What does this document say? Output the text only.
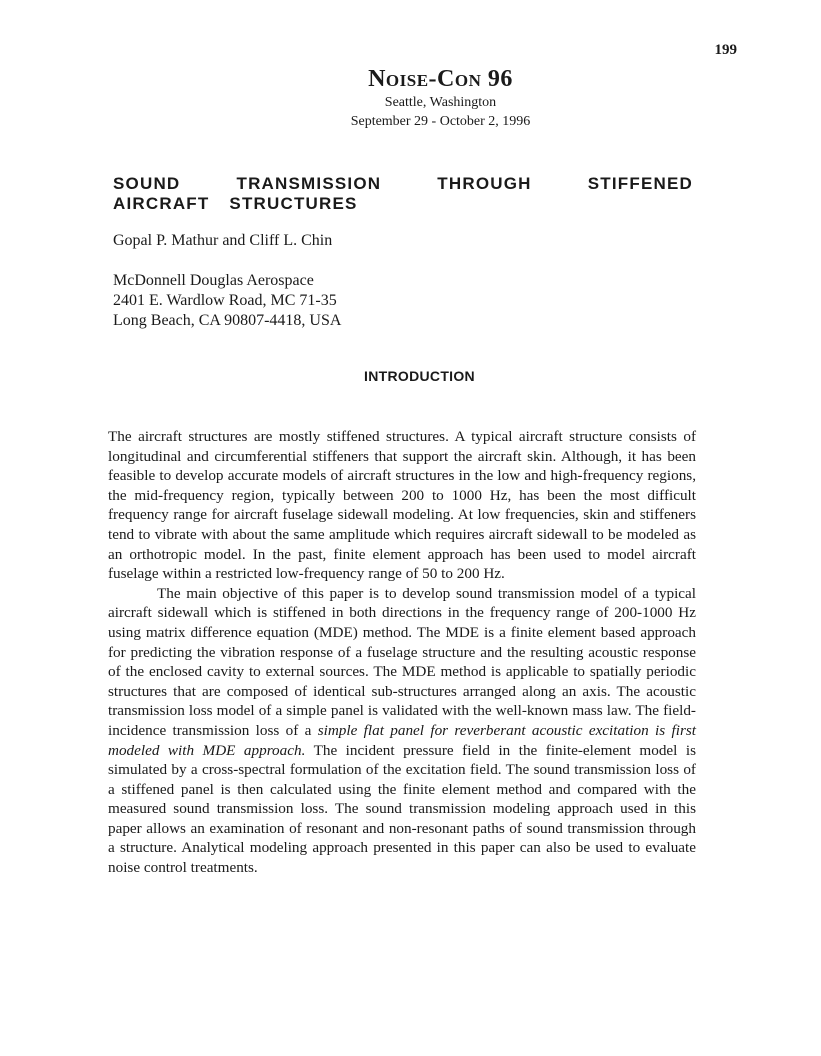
199
Noise-Con 96
Seattle, Washington
September 29 - October 2, 1996
SOUND TRANSMISSION THROUGH STIFFENED AIRCRAFT STRUCTURES
Gopal P. Mathur and Cliff L. Chin
McDonnell Douglas Aerospace
2401 E. Wardlow Road, MC 71-35
Long Beach, CA 90807-4418, USA
INTRODUCTION

The aircraft structures are mostly stiffened structures. A typical aircraft structure consists of longitudinal and circumferential stiffeners that support the aircraft skin. Although, it has been feasible to develop accurate models of aircraft structures in the low and high-frequency regions, the mid-frequency region, typically between 200 to 1000 Hz, has been the most difficult frequency range for aircraft fuselage sidewall modeling. At low frequencies, skin and stiffeners tend to vibrate with about the same amplitude which requires aircraft sidewall to be modeled as an orthotropic model. In the past, finite element approach has been used to model aircraft fuselage within a restricted low-frequency range of 50 to 200 Hz.

The main objective of this paper is to develop sound transmission model of a typical aircraft sidewall which is stiffened in both directions in the frequency range of 200-1000 Hz using matrix difference equation (MDE) method. The MDE is a finite element based approach for predicting the vibration response of a fuselage structure and the resulting acoustic response of the enclosed cavity to external sources. The MDE method is applicable to spatially periodic structures that are composed of identical sub-structures arranged along an axis. The acoustic transmission loss model of a simple panel is validated with the well-known mass law. The field-incidence transmission loss of a simple flat panel for reverberant acoustic excitation is first modeled with MDE approach. The incident pressure field in the finite-element model is simulated by a cross-spectral formulation of the excitation field. The sound transmission loss of a stiffened panel is then calculated using the finite element method and compared with the measured sound transmission loss. The sound transmission modeling approach used in this paper allows an examination of resonant and non-resonant paths of sound transmission through a structure. Analytical modeling approach presented in this paper can also be used to evaluate noise control treatments.
